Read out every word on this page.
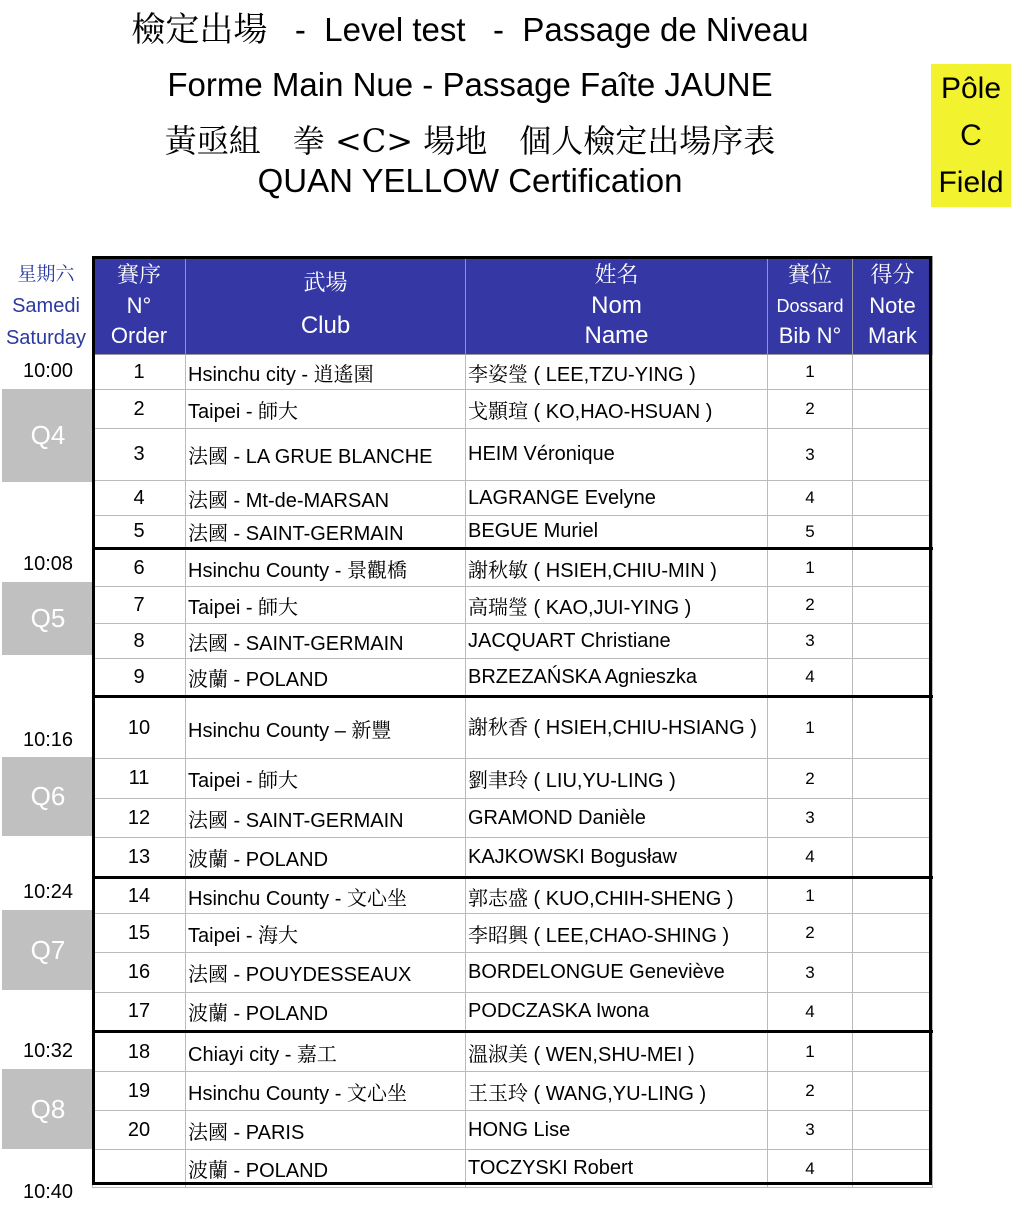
檢定出場 - Level test - Passage de Niveau
Forme Main Nue - Passage Faîte JAUNE
黃亟組　拳 <C> 場地　個人檢定出場序表
QUAN YELLOW Certification
Pôle
C
Field
星期六
Samedi
Saturday
10:00
10:08
10:16
10:24
10:32
10:40
Q4
Q5
Q6
Q7
Q8
賽序
N°
Order	武場
Club	姓名
Nom
Name	賽位
Dossard
Bib N°	得分
Note
Mark

1	Hsinchu city - 逍遙園	李姿瑩 ( LEE,TZU-YING )	1	
2	Taipei - 師大	戈顥瑄 ( KO,HAO-HSUAN )	2	
3	法國 - LA GRUE BLANCHE	HEIM Véronique	3	
4	法國 - Mt-de-MARSAN	LAGRANGE Evelyne	4	
5	法國 - SAINT-GERMAIN	BEGUE Muriel	5	
6	Hsinchu County - 景觀橋	謝秋敏 ( HSIEH,CHIU-MIN )	1	
7	Taipei - 師大	高瑞瑩 ( KAO,JUI-YING )	2	
8	法國 - SAINT-GERMAIN	JACQUART Christiane	3	
9	波蘭 - POLAND	BRZEZAŃSKA Agnieszka	4	
10	Hsinchu County – 新豐	謝秋香 ( HSIEH,CHIU-HSIANG )	1	
11	Taipei - 師大	劉聿玲 ( LIU,YU-LING )	2	
12	法國 - SAINT-GERMAIN	GRAMOND Danièle	3	
13	波蘭 - POLAND	KAJKOWSKI Bogusław	4	
14	Hsinchu County - 文心坐	郭志盛 ( KUO,CHIH-SHENG )	1	
15	Taipei - 海大	李昭興 ( LEE,CHAO-SHING )	2	
16	法國 - POUYDESSEAUX	BORDELONGUE Geneviève	3	
17	波蘭 - POLAND	PODCZASKA Iwona	4	
18	Chiayi city - 嘉工	溫淑美 ( WEN,SHU-MEI )	1	
19	Hsinchu County - 文心坐	王玉玲 ( WANG,YU-LING )	2	
20	法國 - PARIS	HONG Lise	3	
	波蘭 - POLAND	TOCZYSKI Robert	4	
